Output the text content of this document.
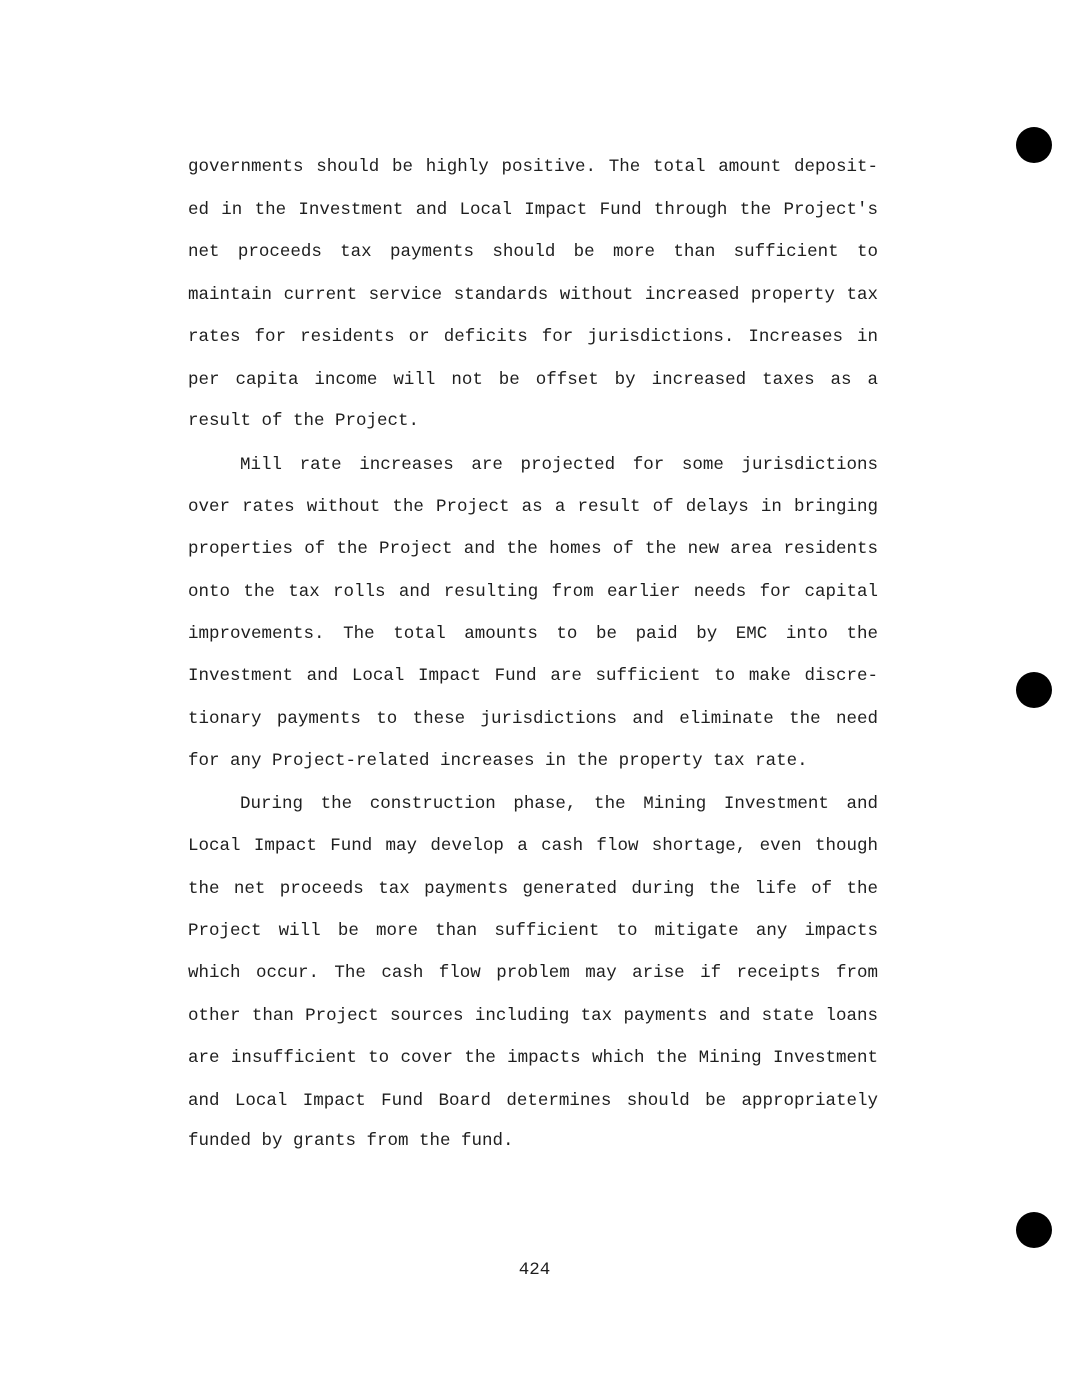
governments should be highly positive. The total amount deposit-
ed in the Investment and Local Impact Fund through the Project's
net proceeds tax payments should be more than sufficient to
maintain current service standards without increased property tax
rates for residents or deficits for jurisdictions. Increases in
per capita income will not be offset by increased taxes as a
result of the Project.
Mill rate increases are projected for some jurisdictions
over rates without the Project as a result of delays in bringing
properties of the Project and the homes of the new area residents
onto the tax rolls and resulting from earlier needs for capital
improvements. The total amounts to be paid by EMC into the
Investment and Local Impact Fund are sufficient to make discre-
tionary payments to these jurisdictions and eliminate the need
for any Project-related increases in the property tax rate.
During the construction phase, the Mining Investment and
Local Impact Fund may develop a cash flow shortage, even though
the net proceeds tax payments generated during the life of the
Project will be more than sufficient to mitigate any impacts
which occur. The cash flow problem may arise if receipts from
other than Project sources including tax payments and state loans
are insufficient to cover the impacts which the Mining Investment
and Local Impact Fund Board determines should be appropriately
funded by grants from the fund.
424
